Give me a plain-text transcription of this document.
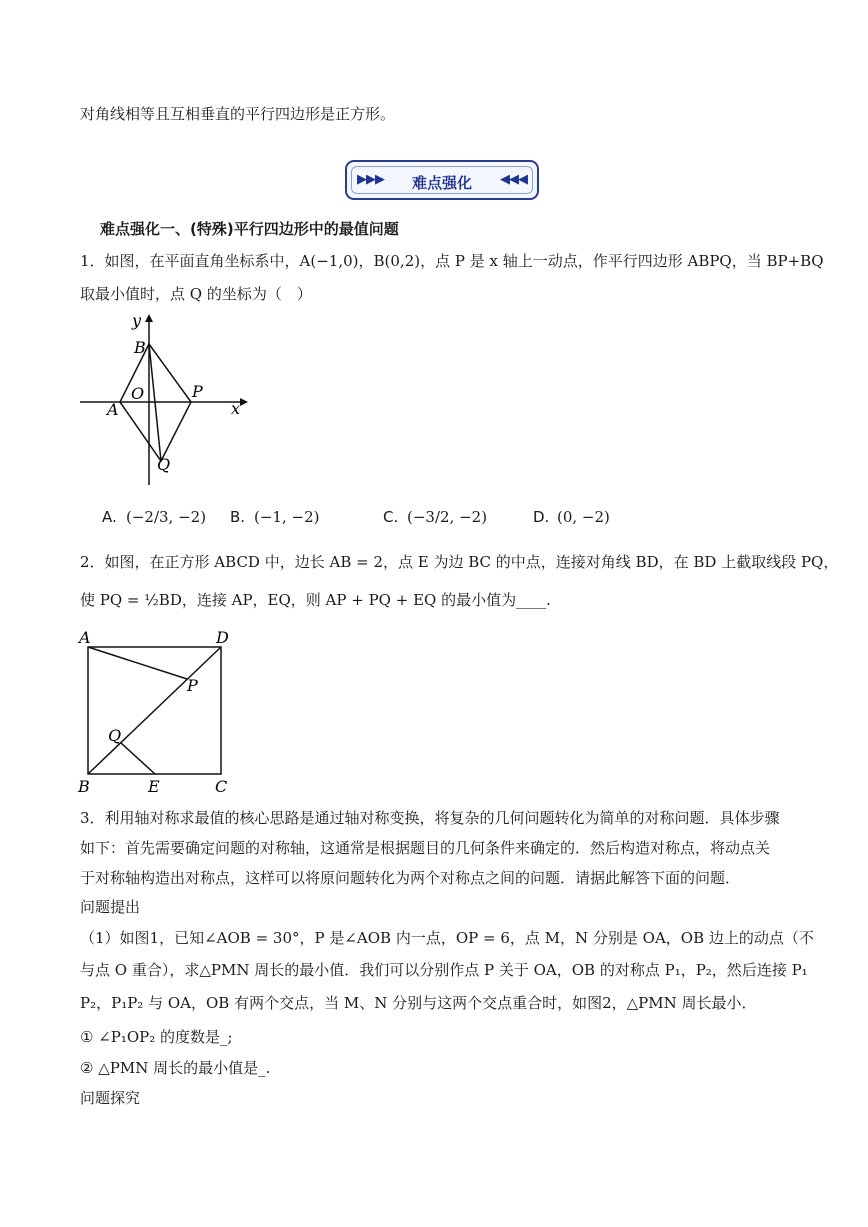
对角线相等且互相垂直的平行四边形是正方形。
▶▶▶	难点强化	◀◀◀
难点强化一、(特殊)平行四边形中的最值问题
1．如图，在平面直角坐标系中，A(−1,0)，B(0,2)，点 P 是 x 轴上一动点，作平行四边形 ABPQ，当 BP+BQ
取最小值时，点 Q 的坐标为（　）
y
x
B
O
A
P
Q
A. (−2/3, −2) B. (−1, −2)	C. (−3/2, −2)	D. (0, −2)
2．如图，在正方形 ABCD 中，边长 AB = 2，点 E 为边 BC 的中点，连接对角线 BD，在 BD 上截取线段 PQ，
使 PQ = ½BD，连接 AP，EQ，则 AP + PQ + EQ 的最小值为____.
A	D
P
Q
B	E	C
3．利用轴对称求最值的核心思路是通过轴对称变换，将复杂的几何问题转化为简单的对称问题．具体步骤
如下：首先需要确定问题的对称轴，这通常是根据题目的几何条件来确定的．然后构造对称点，将动点关
于对称轴构造出对称点，这样可以将原问题转化为两个对称点之间的问题．请据此解答下面的问题．
问题提出
（1）如图1，已知∠AOB = 30°，P 是∠AOB 内一点，OP = 6，点 M，N 分别是 OA，OB 边上的动点（不
与点 O 重合），求△PMN 周长的最小值．我们可以分别作点 P 关于 OA，OB 的对称点 P₁，P₂，然后连接 P₁
P₂，P₁P₂ 与 OA，OB 有两个交点，当 M、N 分别与这两个交点重合时，如图2，△PMN 周长最小．
① ∠P₁OP₂ 的度数是_;
② △PMN 周长的最小值是_.
问题探究
